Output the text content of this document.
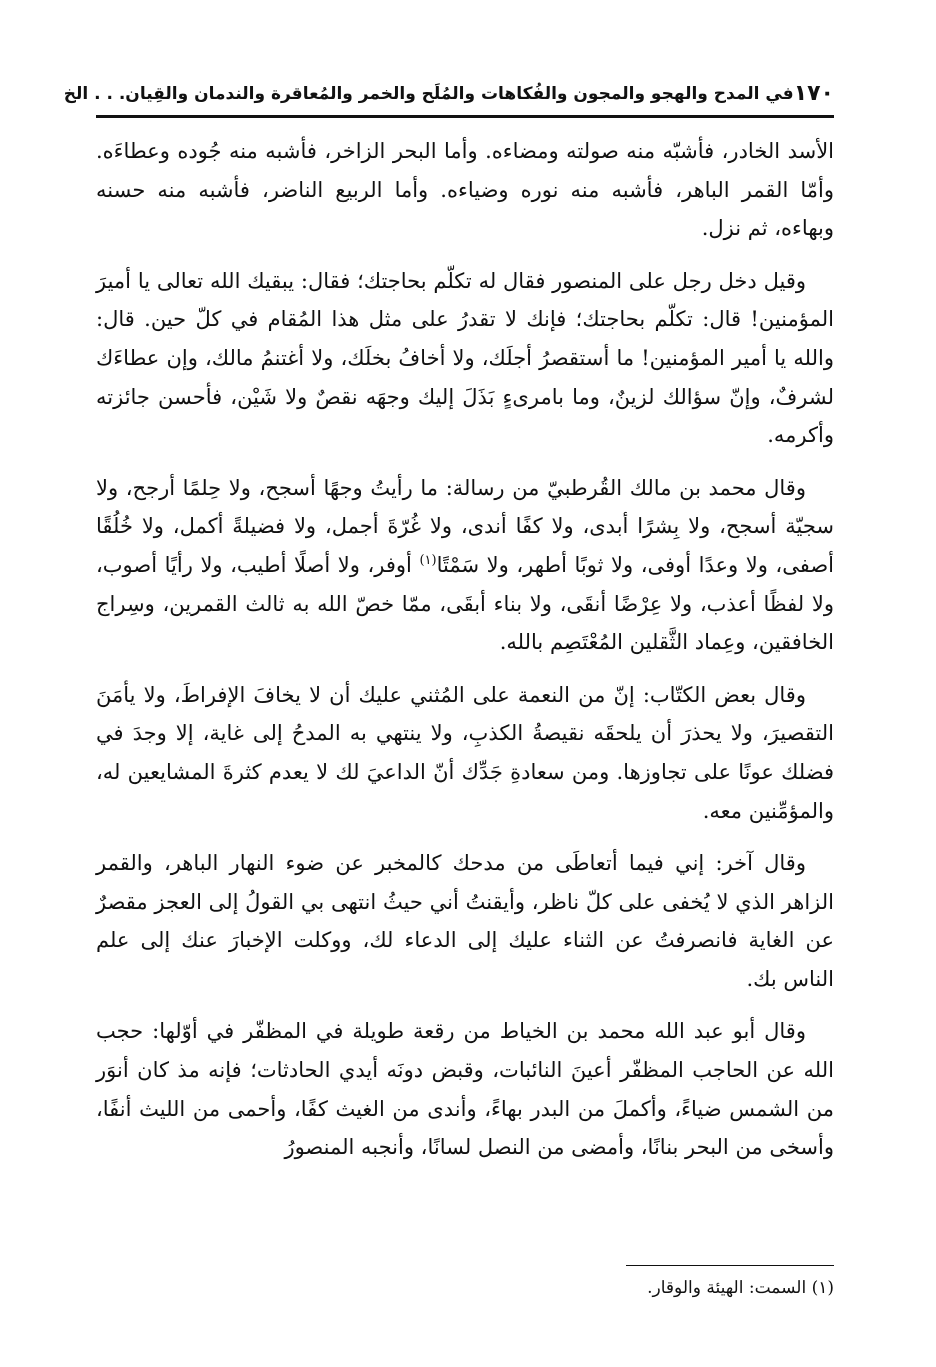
١٧٠
في المدح والهجو والمجون والفُكاهات والمُلَح والخمر والمُعاقرة والندمان والقِيان. . . الخ

الأسد الخادر، فأشبّه منه صولته ومضاءه. وأما البحر الزاخر، فأشبه منه جُوده وعطاءَه. وأمّا القمر الباهر، فأشبه منه نوره وضياءه. وأما الربيع الناضر، فأشبه منه حسنه وبهاءه، ثم نزل.

وقيل دخل رجل على المنصور فقال له تكلّم بحاجتك؛ فقال: يبقيك الله تعالى يا أميرَ المؤمنين! قال: تكلّم بحاجتك؛ فإنك لا تقدرُ على مثل هذا المُقام في كلّ حين. قال: والله يا أمير المؤمنين! ما أستقصرُ أجلَك، ولا أخافُ بخلَك، ولا أغتنمُ مالك، وإن عطاءَك لشرفٌ، وإنّ سؤالك لزينٌ، وما بامرىءٍ بَذَلَ إليك وجهَه نقصٌ ولا شَيْن، فأحسن جائزته وأكرمه.

وقال محمد بن مالك القُرطبيّ من رسالة: ما رأيتُ وجهًا أسجح، ولا حِلمًا أرجح، ولا سجيّة أسجح، ولا بِشرًا أبدى، ولا كفًا أندى، ولا غُرّةَ أجمل، ولا فضيلةً أكمل، ولا خُلُقًا أصفى، ولا وعدًا أوفى، ولا ثوبًا أطهر، ولا سَمْتًا$^{(١)}$ أوفر، ولا أصلًا أطيب، ولا رأيًا أصوب، ولا لفظًا أعذب، ولا عِرْضًا أنقَى، ولا بناء أبقَى، ممّا خصّ الله به ثالث القمرين، وسِراج الخافقين، وعِماد الثَّقلين المُعْتَصِم بالله.

وقال بعض الكتّاب: إنّ من النعمة على المُثني عليك أن لا يخافَ الإفراطَ، ولا يأمَنَ التقصيرَ، ولا يحذرَ أن يلحقَه نقيصةُ الكذبِ، ولا ينتهي به المدحُ إلى غاية، إلا وجدَ في فضلك عونًا على تجاوزها. ومن سعادةِ جَدِّك أنّ الداعيَ لك لا يعدم كثرةَ المشايعين له، والمؤمِّنين معه.

وقال آخر: إني فيما أتعاطَى من مدحك كالمخبر عن ضوء النهار الباهر، والقمر الزاهر الذي لا يُخفى على كلّ ناظر، وأيقنتُ أني حيثُ انتهى بي القولُ إلى العجز مقصرٌ عن الغاية فانصرفتُ عن الثناء عليك إلى الدعاء لك، ووكلت الإخبارَ عنك إلى علم الناس بك.

وقال أبو عبد الله محمد بن الخياط من رقعة طويلة في المظفّر في أوّلها: حجب الله عن الحاجب المظفّر أعينَ النائبات، وقبض دونَه أيدي الحادثات؛ فإنه مذ كان أنوَر من الشمس ضياءً، وأكملَ من البدر بهاءً، وأندى من الغيث كفًا، وأحمى من الليث أنفًا، وأسخى من البحر بنانًا، وأمضى من النصل لسانًا، وأنجبه المنصورُ

(١) السمت: الهيئة والوقار.
